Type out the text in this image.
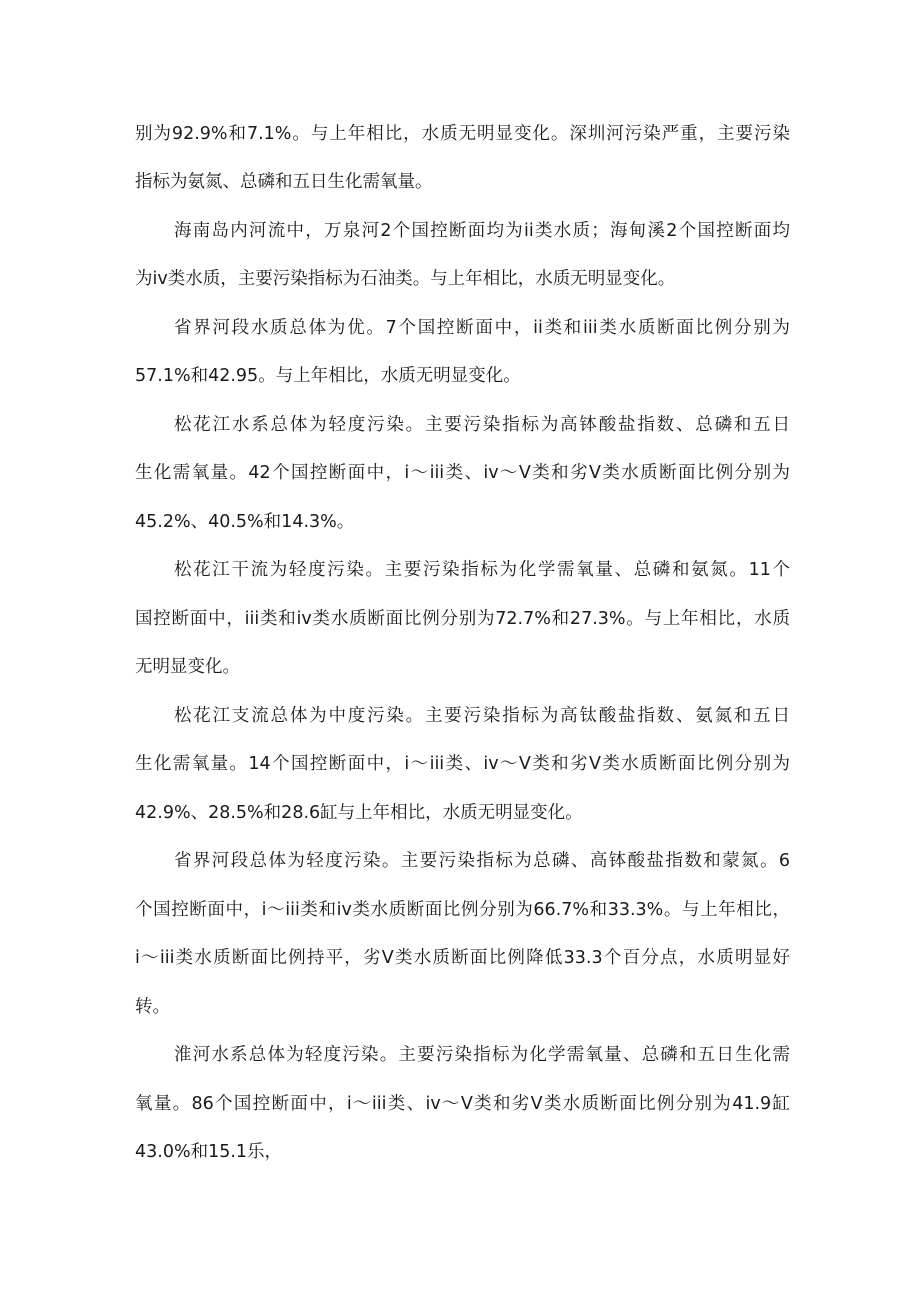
别为92.9%和7.1%。与上年相比，水质无明显变化。深圳河污染严重，主要污染
指标为氨氮、总磷和五日生化需氧量。
海南岛内河流中，万泉河2个国控断面均为ii类水质；海甸溪2个国控断面均
为iv类水质，主要污染指标为石油类。与上年相比，水质无明显变化。
省界河段水质总体为优。7个国控断面中，ii类和iii类水质断面比例分别为
57.1%和42.95。与上年相比，水质无明显变化。
松花江水系总体为轻度污染。主要污染指标为高钵酸盐指数、总磷和五日
生化需氧量。42个国控断面中，i～iii类、iv～V类和劣V类水质断面比例分别为
45.2%、40.5%和14.3%。
松花江干流为轻度污染。主要污染指标为化学需氧量、总磷和氨氮。11个
国控断面中，iii类和iv类水质断面比例分别为72.7%和27.3%。与上年相比，水质
无明显变化。
松花江支流总体为中度污染。主要污染指标为高钛酸盐指数、氨氮和五日
生化需氧量。14个国控断面中，i～iii类、iv～V类和劣V类水质断面比例分别为
42.9%、28.5%和28.6缸与上年相比，水质无明显变化。
省界河段总体为轻度污染。主要污染指标为总磷、高钵酸盐指数和蒙氮。6
个国控断面中，i～iii类和iv类水质断面比例分别为66.7%和33.3%。与上年相比，
i～iii类水质断面比例持平，劣V类水质断面比例降低33.3个百分点，水质明显好
转。
淮河水系总体为轻度污染。主要污染指标为化学需氧量、总磷和五日生化需
氧量。86个国控断面中，i～iii类、iv～V类和劣V类水质断面比例分别为41.9缸
43.0%和15.1乐，
